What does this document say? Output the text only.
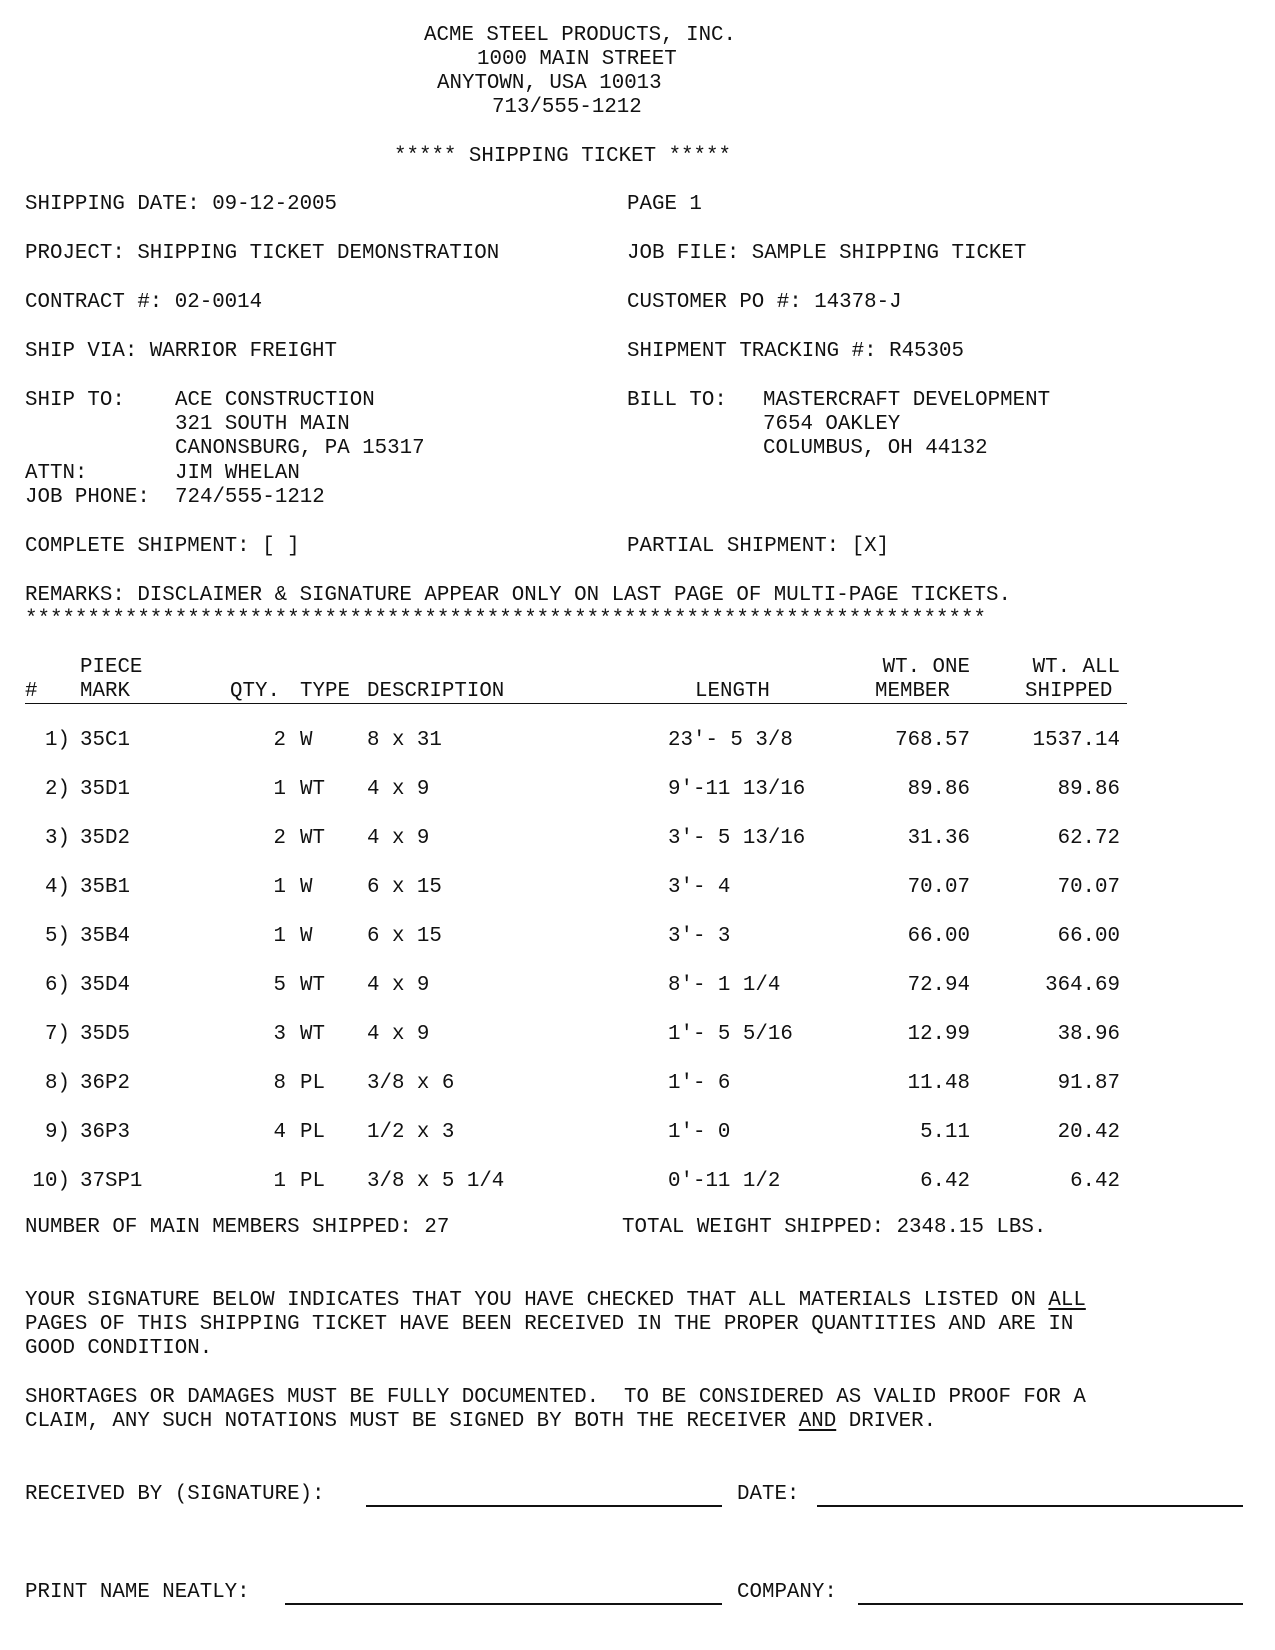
ACME STEEL PRODUCTS, INC.
1000 MAIN STREET
ANYTOWN, USA 10013
713/555-1212
***** SHIPPING TICKET *****
SHIPPING DATE: 09-12-2005	PAGE 1
PROJECT: SHIPPING TICKET DEMONSTRATION	JOB FILE: SAMPLE SHIPPING TICKET
CONTRACT #: 02-0014	CUSTOMER PO #: 14378-J
SHIP VIA: WARRIOR FREIGHT	SHIPMENT TRACKING #: R45305
SHIP TO: ACE CONSTRUCTION
321 SOUTH MAIN
CANONSBURG, PA 15317
ATTN:	JIM WHELAN
JOB PHONE: 724/555-1212
BILL TO: MASTERCRAFT DEVELOPMENT
7654 OAKLEY
COLUMBUS, OH 44132
COMPLETE SHIPMENT: [ ]	PARTIAL SHIPMENT: [X]
REMARKS: DISCLAIMER & SIGNATURE APPEAR ONLY ON LAST PAGE OF MULTI-PAGE TICKETS.
*****************************************************************************
PIECE	WT. ONE	WT. ALL
# MARK	QTY. TYPE DESCRIPTION	LENGTH	MEMBER	SHIPPED
1) 35C1	2 W	8 x 31	23'- 5 3/8	768.57	1537.14
2) 35D1	1 WT	4 x 9	9'-11 13/16	89.86	89.86
3) 35D2	2 WT	4 x 9	3'- 5 13/16	31.36	62.72
4) 35B1	1 W	6 x 15	3'- 4	70.07	70.07
5) 35B4	1 W	6 x 15	3'- 3	66.00	66.00
6) 35D4	5 WT	4 x 9	8'- 1 1/4	72.94	364.69
7) 35D5	3 WT	4 x 9	1'- 5 5/16	12.99	38.96
8) 36P2	8 PL	3/8 x 6	1'- 6	11.48	91.87
9) 36P3	4 PL	1/2 x 3	1'- 0	5.11	20.42
10) 37SP1	1 PL	3/8 x 5 1/4	0'-11 1/2	6.42	6.42
NUMBER OF MAIN MEMBERS SHIPPED: 27	TOTAL WEIGHT SHIPPED: 2348.15 LBS.
YOUR SIGNATURE BELOW INDICATES THAT YOU HAVE CHECKED THAT ALL MATERIALS LISTED ON ALL
PAGES OF THIS SHIPPING TICKET HAVE BEEN RECEIVED IN THE PROPER QUANTITIES AND ARE IN
GOOD CONDITION.
SHORTAGES OR DAMAGES MUST BE FULLY DOCUMENTED.  TO BE CONSIDERED AS VALID PROOF FOR A
CLAIM, ANY SUCH NOTATIONS MUST BE SIGNED BY BOTH THE RECEIVER AND DRIVER.
RECEIVED BY (SIGNATURE):	DATE:
PRINT NAME NEATLY:	COMPANY:
